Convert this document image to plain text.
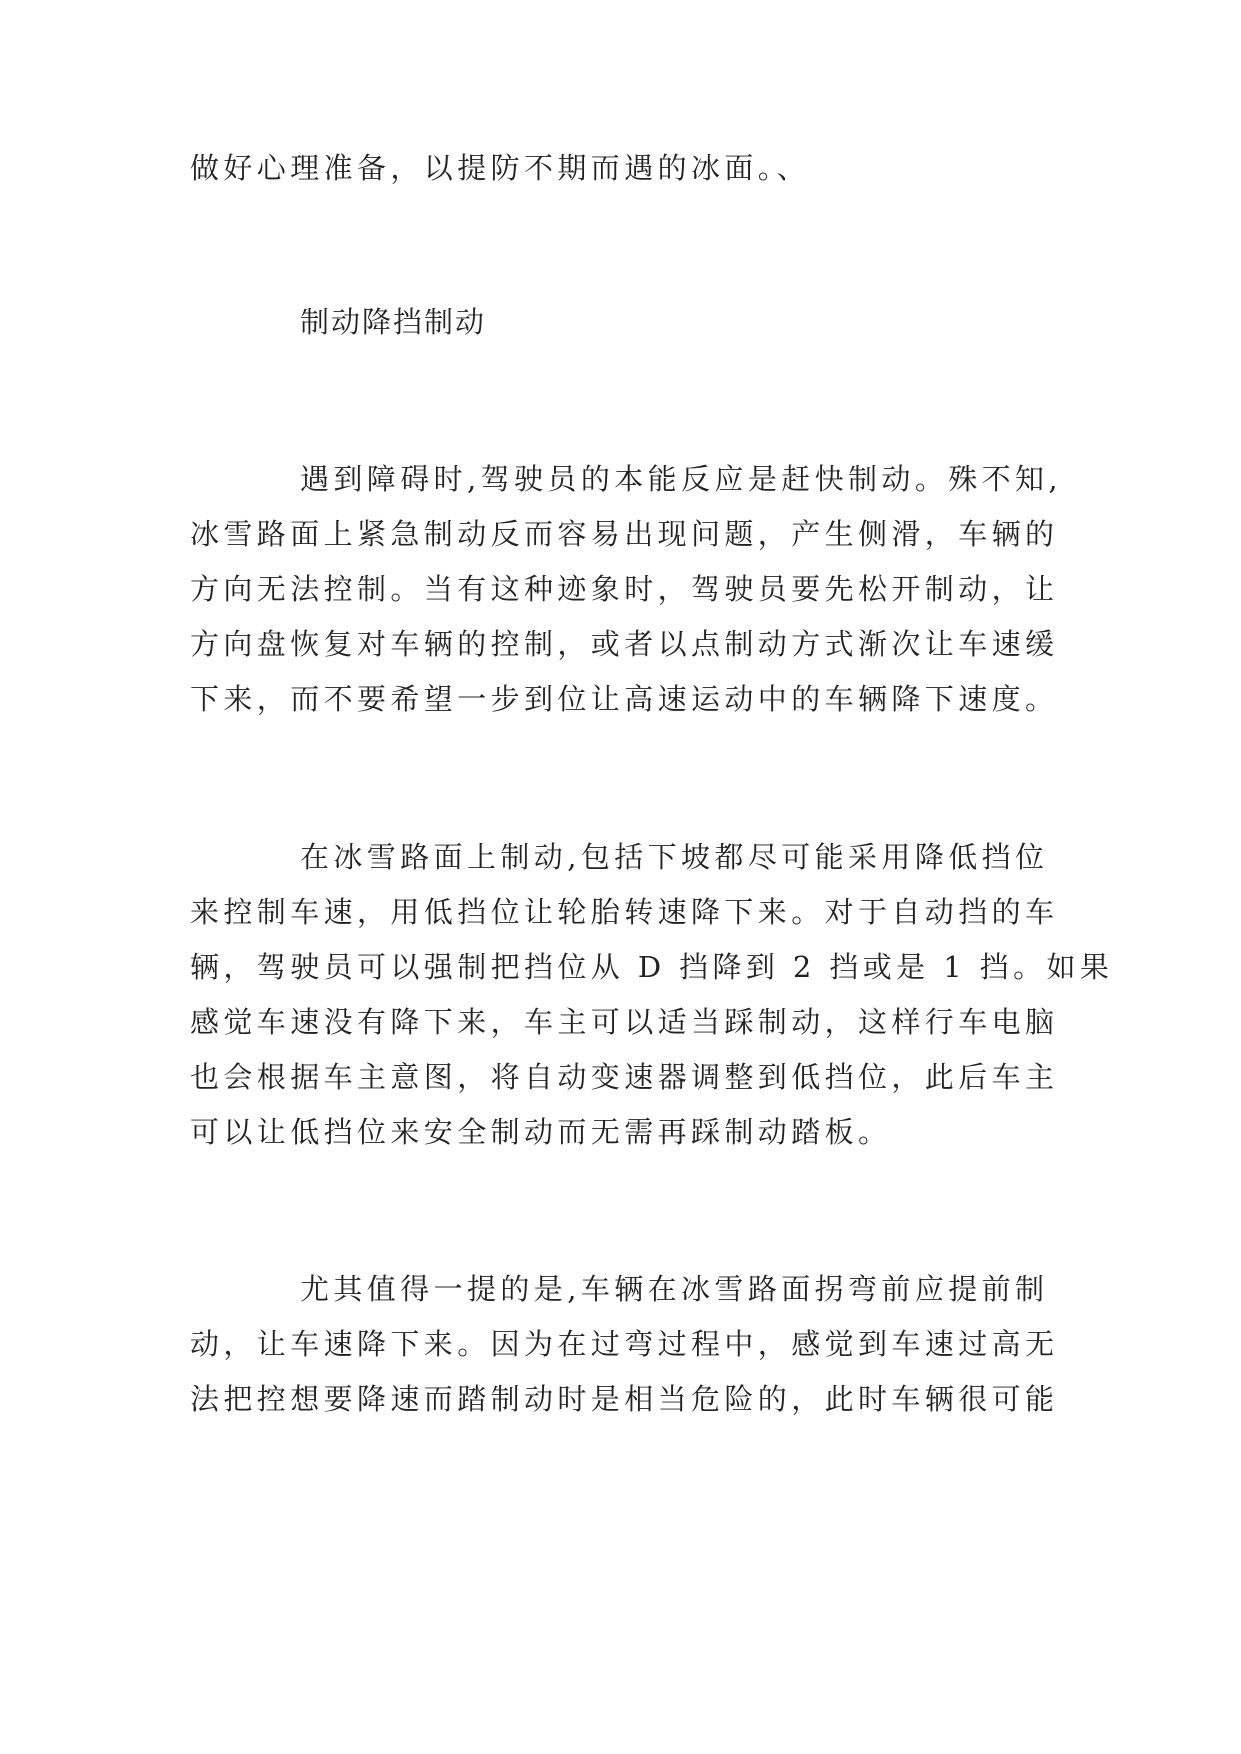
做好心理准备，以提防不期而遇的冰面。、

制动降挡制动

遇到障碍时,驾驶员的本能反应是赶快制动。殊不知,

冰雪路面上紧急制动反而容易出现问题，产生侧滑，车辆的

方向无法控制。当有这种迹象时，驾驶员要先松开制动，让

方向盘恢复对车辆的控制，或者以点制动方式渐次让车速缓

下来，而不要希望一步到位让高速运动中的车辆降下速度。

在冰雪路面上制动,包括下坡都尽可能采用降低挡位

来控制车速，用低挡位让轮胎转速降下来。对于自动挡的车

辆，驾驶员可以强制把挡位从 D 挡降到 2 挡或是 1 挡。如果

感觉车速没有降下来，车主可以适当踩制动，这样行车电脑

也会根据车主意图，将自动变速器调整到低挡位，此后车主

可以让低挡位来安全制动而无需再踩制动踏板。

尤其值得一提的是,车辆在冰雪路面拐弯前应提前制

动，让车速降下来。因为在过弯过程中，感觉到车速过高无

法把控想要降速而踏制动时是相当危险的，此时车辆很可能
